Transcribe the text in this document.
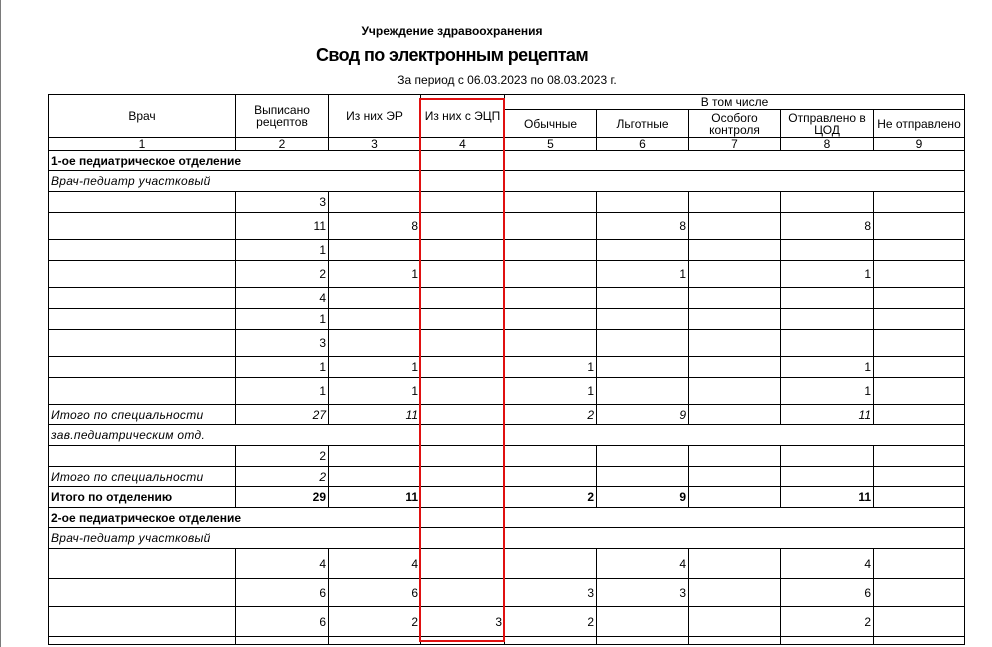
Учреждение здравоохранения
Свод по электронным рецептам
За период с 06.03.2023 по 08.03.2023 г.
Врач	Выписано рецептов	Из них ЭР	Из них с ЭЦП	В том числе				
				Обычные	Льготные	Особого контроля	Отправлено в ЦОД	Не отправлено
1	2	3	4	5	6	7	8	9
1-ое педиатрическое отделение								
Врач-педиатр участковый								
	3							
	11	8			8		8	
	1							
	2	1			1		1	
	4							
	1							
	3							
	1	1		1			1	
	1	1		1			1	
Итого по специальности	27	11		2	9		11	
зав.педиатрическим отд.								
	2							
Итого по специальности	2							
Итого по отделению	29	11		2	9		11	
2-ое педиатрическое отделение								
Врач-педиатр участковый								
	4	4			4		4	
	6	6		3	3		6	
	6	2	3	2			2	
